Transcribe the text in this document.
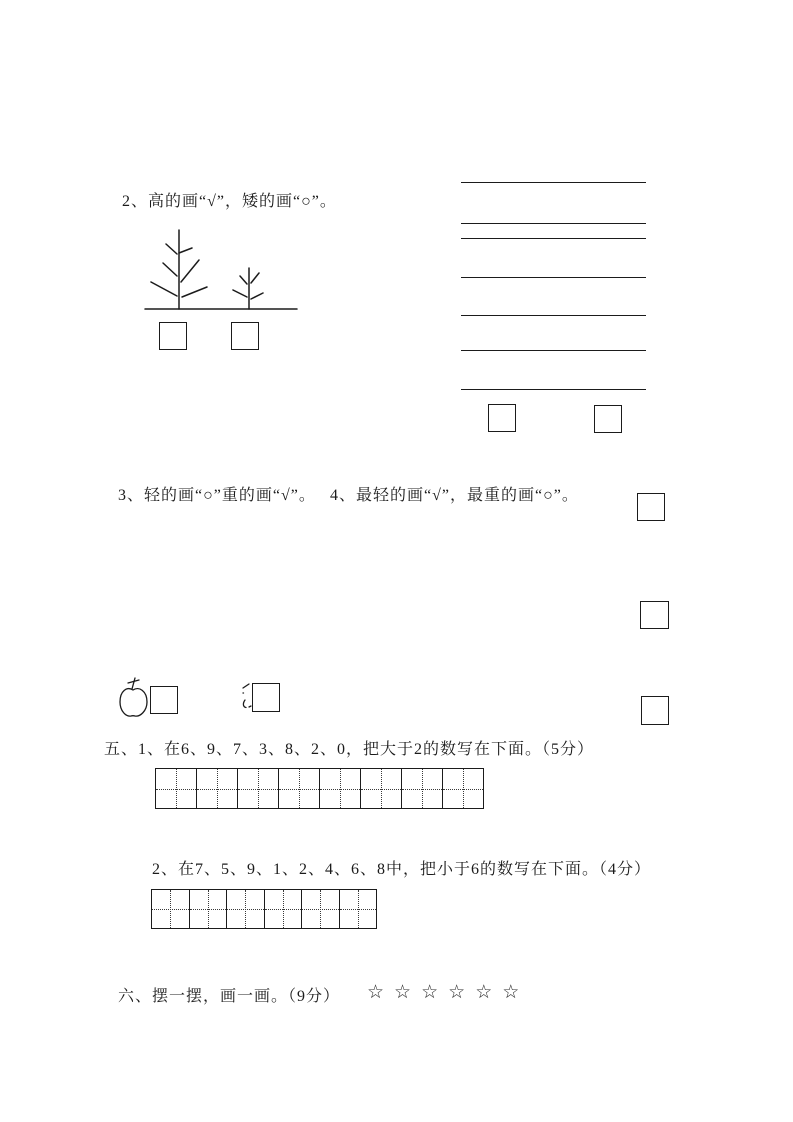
2、高的画“√”，矮的画“○”。
3、轻的画“○”重的画“√”。 4、最轻的画“√”，最重的画“○”。
五、1、在6、9、7、3、8、2、0，把大于2的数写在下面。（5分）
2、在7、5、9、1、2、4、6、8中，把小于6的数写在下面。（4分）
六、摆一摆，画一画。（9分） ☆ ☆ ☆ ☆ ☆ ☆
